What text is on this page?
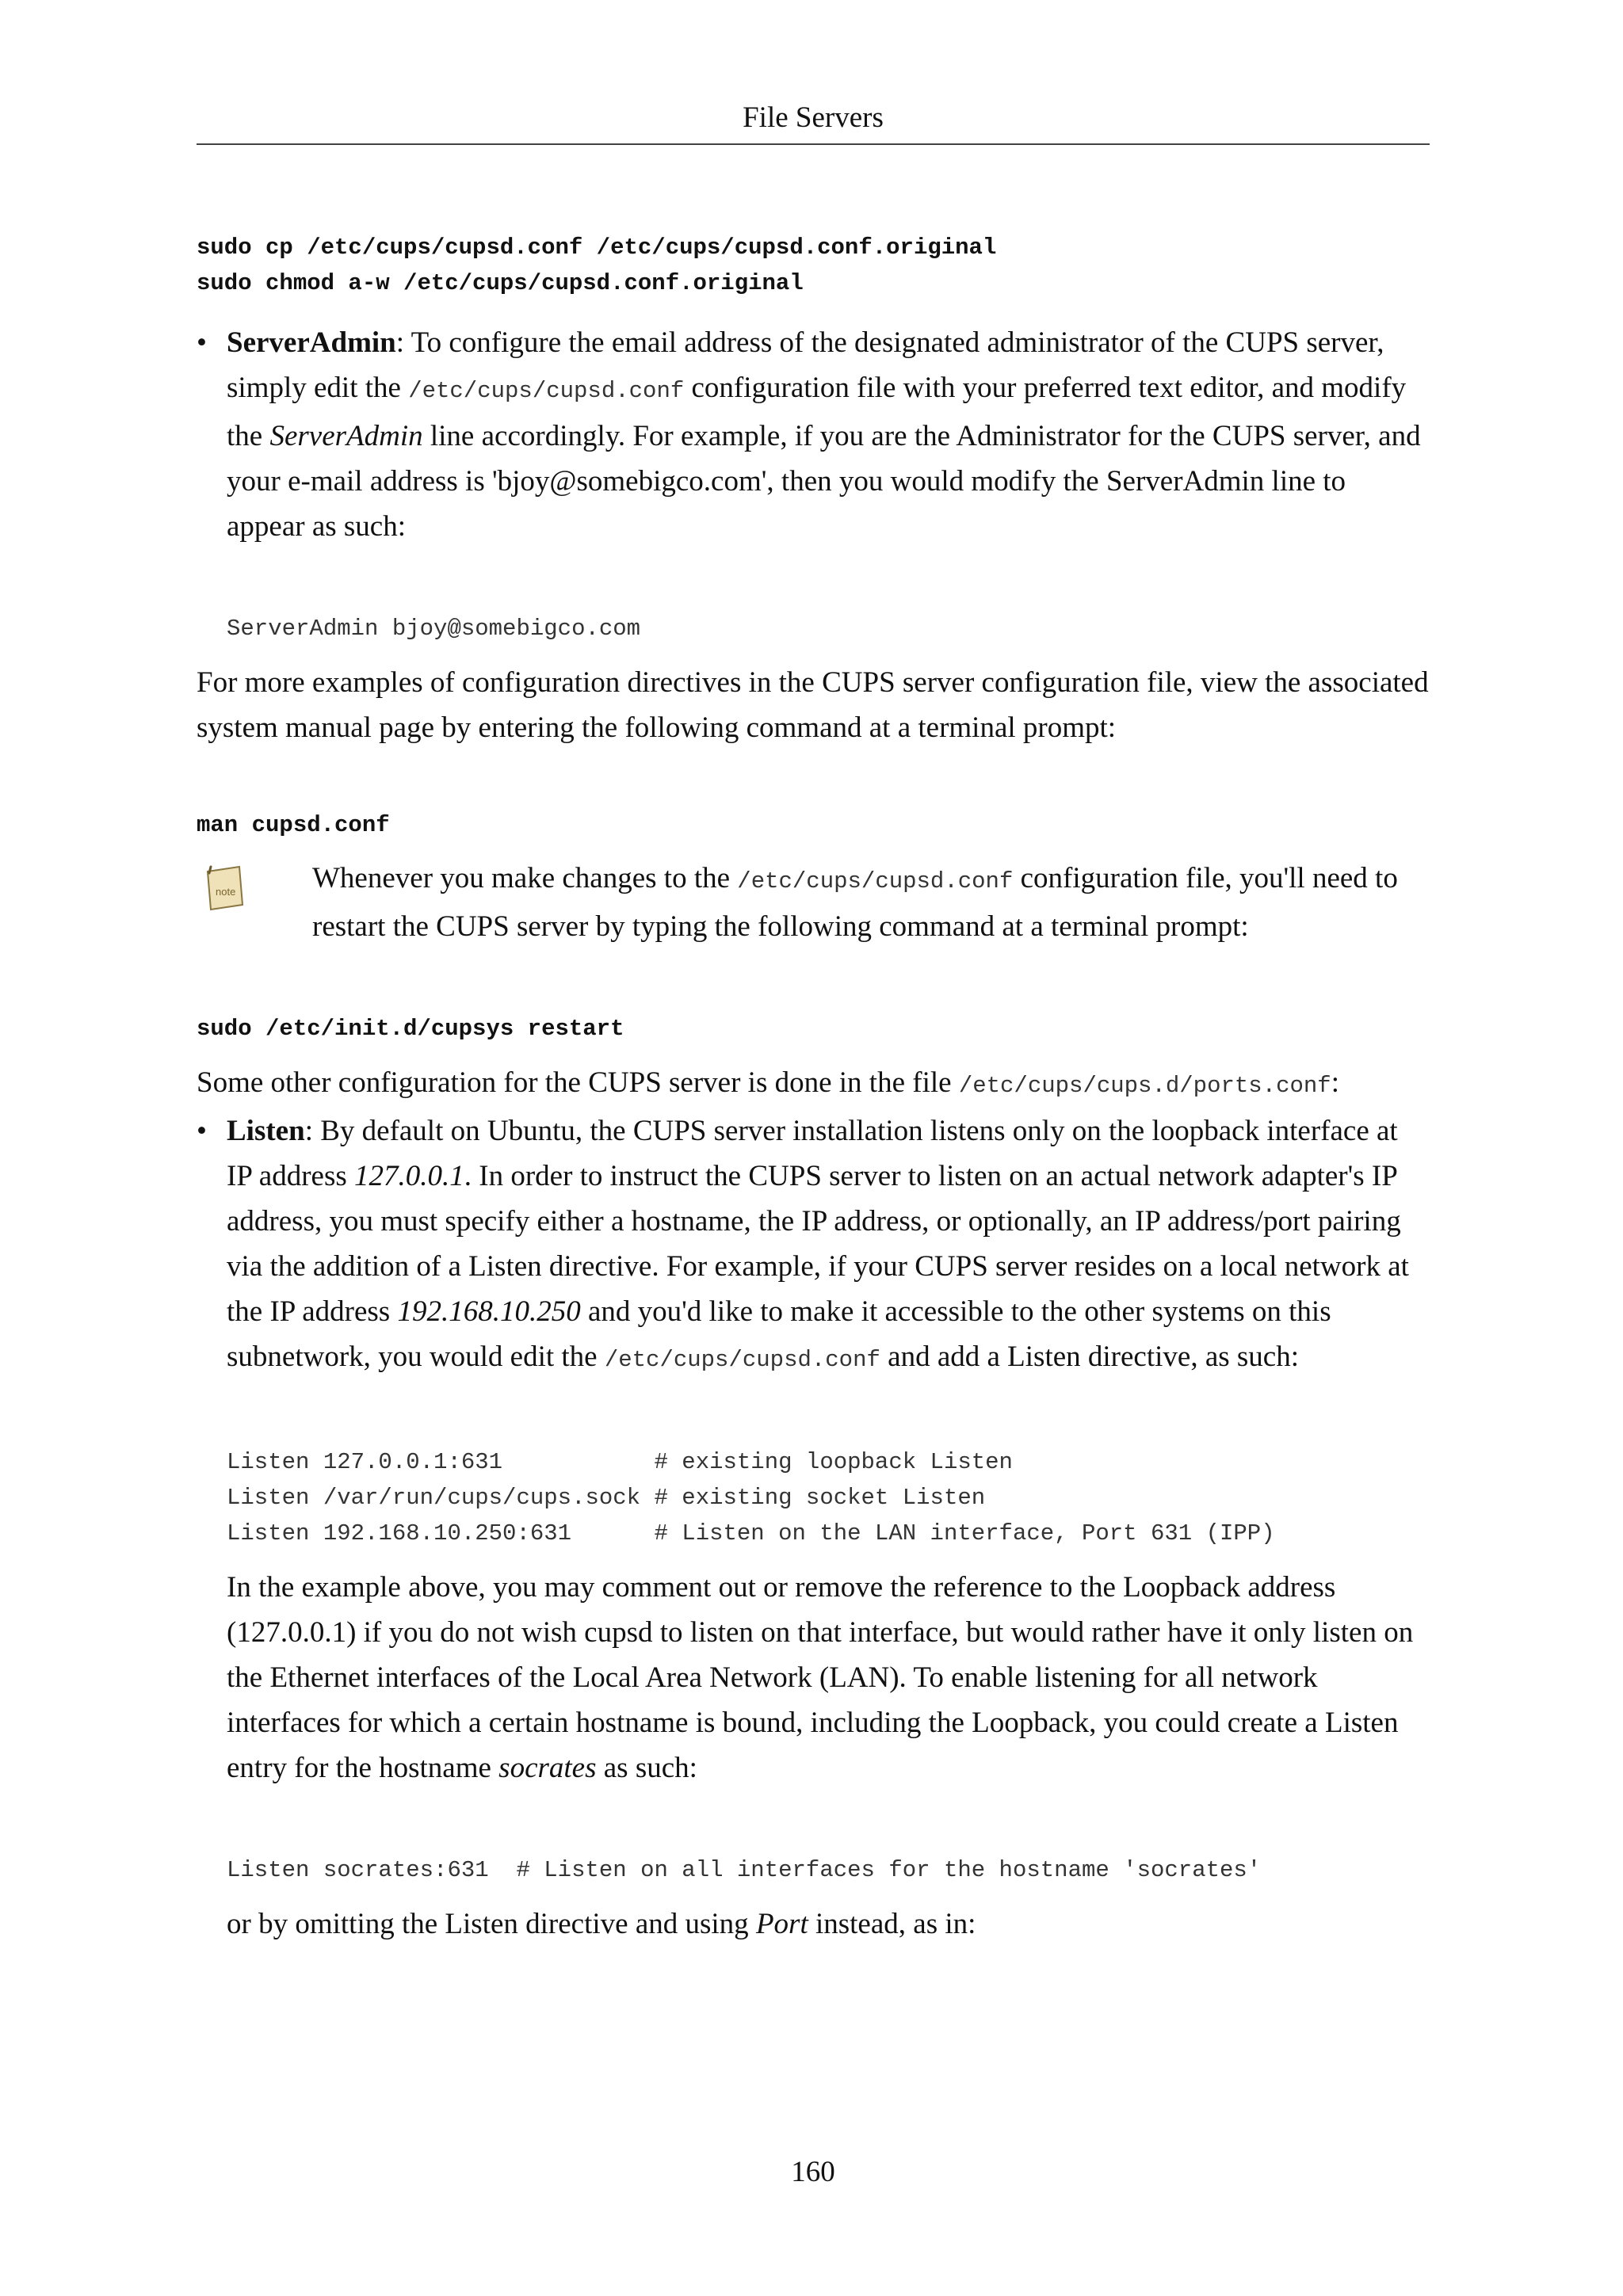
File Servers
sudo cp /etc/cups/cupsd.conf /etc/cups/cupsd.conf.original
sudo chmod a-w /etc/cups/cupsd.conf.original
• ServerAdmin: To configure the email address of the designated administrator of the CUPS server, simply edit the /etc/cups/cupsd.conf configuration file with your preferred text editor, and modify the ServerAdmin line accordingly. For example, if you are the Administrator for the CUPS server, and your e-mail address is 'bjoy@somebigco.com', then you would modify the ServerAdmin line to appear as such:

ServerAdmin bjoy@somebigco.com

For more examples of configuration directives in the CUPS server configuration file, view the associated system manual page by entering the following command at a terminal prompt:

man cupsd.conf
note	Whenever you make changes to the /etc/cups/cupsd.conf configuration file, you'll need to restart the CUPS server by typing the following command at a terminal prompt:

sudo /etc/init.d/cupsys restart

Some other configuration for the CUPS server is done in the file /etc/cups/cups.d/ports.conf:

• Listen: By default on Ubuntu, the CUPS server installation listens only on the loopback interface at IP address 127.0.0.1. In order to instruct the CUPS server to listen on an actual network adapter's IP address, you must specify either a hostname, the IP address, or optionally, an IP address/port pairing via the addition of a Listen directive. For example, if your CUPS server resides on a local network at the IP address 192.168.10.250 and you'd like to make it accessible to the other systems on this subnetwork, you would edit the /etc/cups/cupsd.conf and add a Listen directive, as such:

Listen 127.0.0.1:631           # existing loopback Listen
Listen /var/run/cups/cups.sock # existing socket Listen
Listen 192.168.10.250:631      # Listen on the LAN interface, Port 631 (IPP)

In the example above, you may comment out or remove the reference to the Loopback address (127.0.0.1) if you do not wish cupsd to listen on that interface, but would rather have it only listen on the Ethernet interfaces of the Local Area Network (LAN). To enable listening for all network interfaces for which a certain hostname is bound, including the Loopback, you could create a Listen entry for the hostname socrates as such:

Listen socrates:631  # Listen on all interfaces for the hostname 'socrates'

or by omitting the Listen directive and using Port instead, as in:

160
